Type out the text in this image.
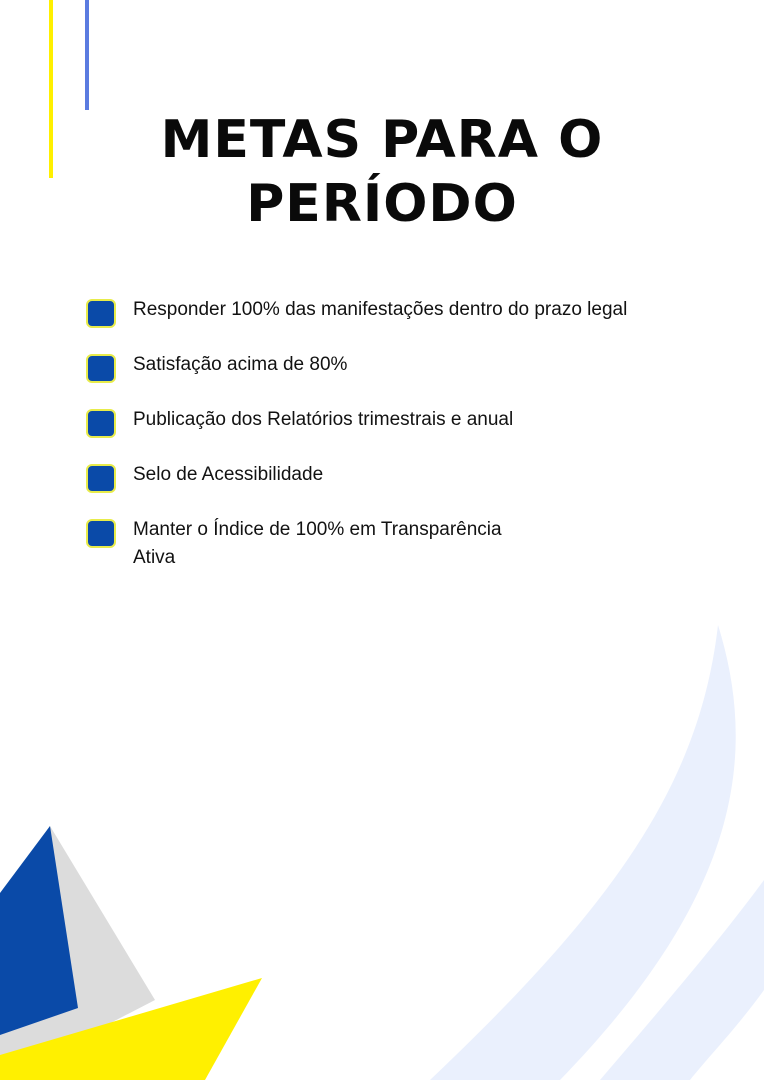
METAS PARA O
PERÍODO
Responder 100% das manifestações dentro do prazo legal
Satisfação acima de 80%
Publicação dos Relatórios trimestrais e anual
Selo de Acessibilidade
Manter o Índice de 100% em Transparência Ativa
